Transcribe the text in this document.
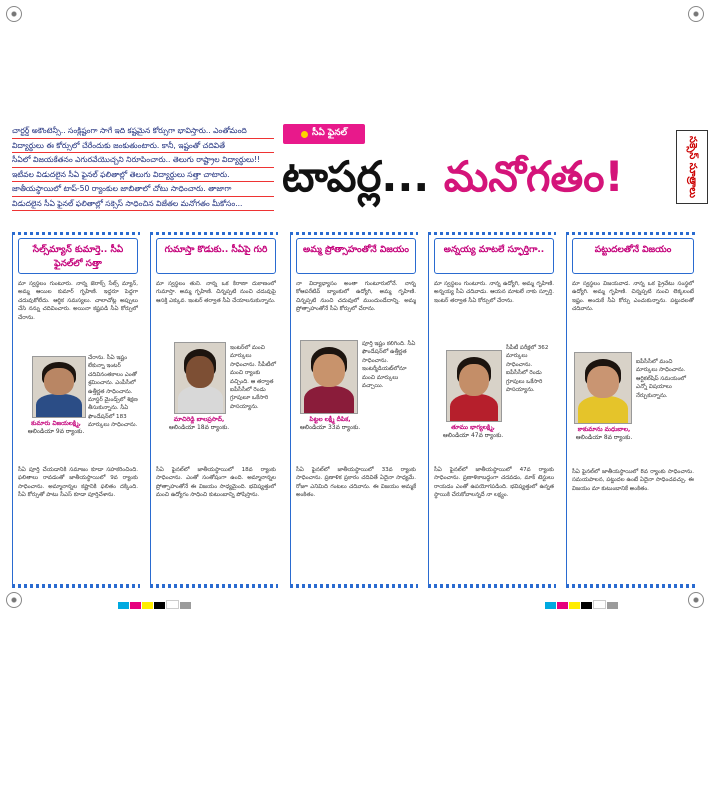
చార్టర్డ్ అకౌంటెన్సీ.. సంక్లిష్టంగా సాగే ఇది కష్టమైన కోర్సుగా భావిస్తారు.. ఎంతోమంది
విద్యార్థులు ఈ కోర్సులో చేరేందుకు జంకుతుంటారు. కానీ, ఇష్టంతో చదివితే
సీఏలో విజయకేతనం ఎగురవేయొచ్చని నిరూపించారు.. తెలుగు రాష్ట్రాల విద్యార్థులు!!
ఇటీవల విడుదలైన సీఏ ఫైనల్ ఫలితాల్లో తెలుగు విద్యార్థులు సత్తా చాటారు.
జాతీయస్థాయిలో టాప్-50 ర్యాంకుల జాబితాలో చోటు సాధించారు. తాజాగా
విడుదలైన సీఏ ఫైనల్ ఫలితాల్లో సక్సెస్ సాధించిన విజేతల మనోగతం మీకోసం...
సీఏ ఫైనల్
టాపర్ల... మనోగతం!	సక్సెస్ సూత్రాలు
సేల్స్‌మ్యాన్ కుమార్తె.. సీఏ ఫైనల్‌లో సత్తా
మా స్వస్థలం గుంటూరు. నాన్న జెరాక్స్ సేల్స్ మ్యాన్, అమ్మ ఆయిల కుమార్ గృహిణి. ఇద్దరూ పెద్దగా చదువుకోలేదు. ఆర్థిక సమస్యలు. చాలాచోట్ల అప్పులు చేసి నన్ను చదివించారు. అయినా కష్టపడి సీఏ కోర్సులో చేరాను.
చేరాను. సీఏ ఇష్టం లేకున్నా ఇంటర్ చదివినంతకాలం ఎంతో శ్రమించాను. ఎంపీసీలో ఉత్తీర్ణత సాధించాను. మాస్టర్ మైండ్స్‌లో శిక్షణ తీసుకున్నాను. సీఏ ఫౌండేషన్‌లో 183 మార్కులు సాధించాను.
కుమారు విజయలక్ష్మి,
ఆలిండియా 9వ ర్యాంకు.
సీఏ పూర్తి చేయడానికి సమాజం కూడా సహకరించింది. ఫలితాలు రావడంతో జాతీయస్థాయిలో 9వ ర్యాంకు సాధించాను. అమ్మానాన్నల కష్టానికి ఫలితం దక్కింది. సీఏ కోర్సుతో పాటు సీఎస్ కూడా పూర్తిచేశాను.
గుమాస్తా కొడుకు.. సీఏపై గురి
మా స్వస్థలం తుని. నాన్న ఒక కిరాణా దుకాణంలో గుమాస్తా. అమ్మ గృహిణి. చిన్నప్పటి నుంచి చదువుపై ఆసక్తి ఎక్కువ. ఇంటర్ తర్వాత సీఏ చేయాలనుకున్నాను.
ఇంటర్‌లో మంచి మార్కులు సాధించాను. సీపీటీలో మంచి ర్యాంకు వచ్చింది. ఆ తర్వాత ఐపీసీసీలో రెండు గ్రూపులూ ఒకేసారి పాసయ్యాను.
మాచిరెడ్డి బాలప్రసాద్,
ఆలిండియా 18వ ర్యాంకు.
సీఏ ఫైనల్‌లో జాతీయస్థాయిలో 18వ ర్యాంకు సాధించాను. ఎంతో సంతోషంగా ఉంది. అమ్మానాన్నల ప్రోత్సాహంతోనే ఈ విజయం సాధ్యమైంది. భవిష్యత్తులో మంచి ఉద్యోగం సాధించి కుటుంబాన్ని పోషిస్తాను.
అమ్మ ప్రోత్సాహంతోనే విజయం
నా విద్యాభ్యాసం అంతా గుంటూరులోనే. నాన్న కోఆపరేటివ్ బ్యాంకులో ఉద్యోగి, అమ్మ గృహిణి. చిన్నప్పటి నుంచి చదువులో ముందుండేదాన్ని. అమ్మ ప్రోత్సాహంతోనే సీఏ కోర్సులో చేరాను.
పూర్తి ఇష్టం కలిగింది. సీఏ ఫౌండేషన్‌లో ఉత్తీర్ణత సాధించాను. ఇంటర్మీడియట్‌లోనూ మంచి మార్కులు వచ్చాయి.
పిట్టల లక్ష్మీ దీపిక,
ఆలిండియా 33వ ర్యాంకు.
సీఏ ఫైనల్‌లో జాతీయస్థాయిలో 33వ ర్యాంకు సాధించాను. ప్రణాళిక ప్రకారం చదివితే ఏదైనా సాధ్యమే. రోజూ ఎనిమిది గంటలు చదివాను. ఈ విజయం అమ్మకే అంకితం.
అన్నయ్య మాటలే స్ఫూర్తిగా..
మా స్వస్థలం గుంటూరు. నాన్న ఉద్యోగి, అమ్మ గృహిణి. అన్నయ్య సీఏ చదివాడు. ఆయన మాటలే నాకు స్ఫూర్తి. ఇంటర్ తర్వాత సీఏ కోర్సులో చేరాను.
సీపీటీ పరీక్షలో 362 మార్కులు సాధించాను. ఐపీసీసీలో రెండు గ్రూపులు ఒకేసారి పాసయ్యాను.
తూము భాగ్యలక్ష్మి,
ఆలిండియా 47వ ర్యాంకు.
సీఏ ఫైనల్‌లో జాతీయస్థాయిలో 47వ ర్యాంకు సాధించాను. ప్రణాళికాబద్ధంగా చదవడం, మాక్ టెస్టులు రాయడం ఎంతో ఉపయోగపడింది. భవిష్యత్తులో ఉన్నత స్థాయికి చేరుకోవాలన్నదే నా లక్ష్యం.
పట్టుదలతోనే విజయం
మా స్వస్థలం విజయవాడ. నాన్న ఒక ప్రైవేటు సంస్థలో ఉద్యోగి. అమ్మ గృహిణి. చిన్నప్పటి నుంచి లెక్కలంటే ఇష్టం. అందుకే సీఏ కోర్సు ఎంచుకున్నాను. పట్టుదలతో చదివాను.
ఐపీసీసీలో మంచి మార్కులు సాధించాను. ఆర్టికల్‌షిప్ సమయంలో ఎన్నో విషయాలు నేర్చుకున్నాను.
కాకుమాను మధుబాల,
ఆలిండియా 8వ ర్యాంకు.
సీఏ ఫైనల్‌లో జాతీయస్థాయిలో 8వ ర్యాంకు సాధించాను. సమయపాలన, పట్టుదల ఉంటే ఏదైనా సాధించవచ్చు. ఈ విజయం మా కుటుంబానికే అంకితం.
